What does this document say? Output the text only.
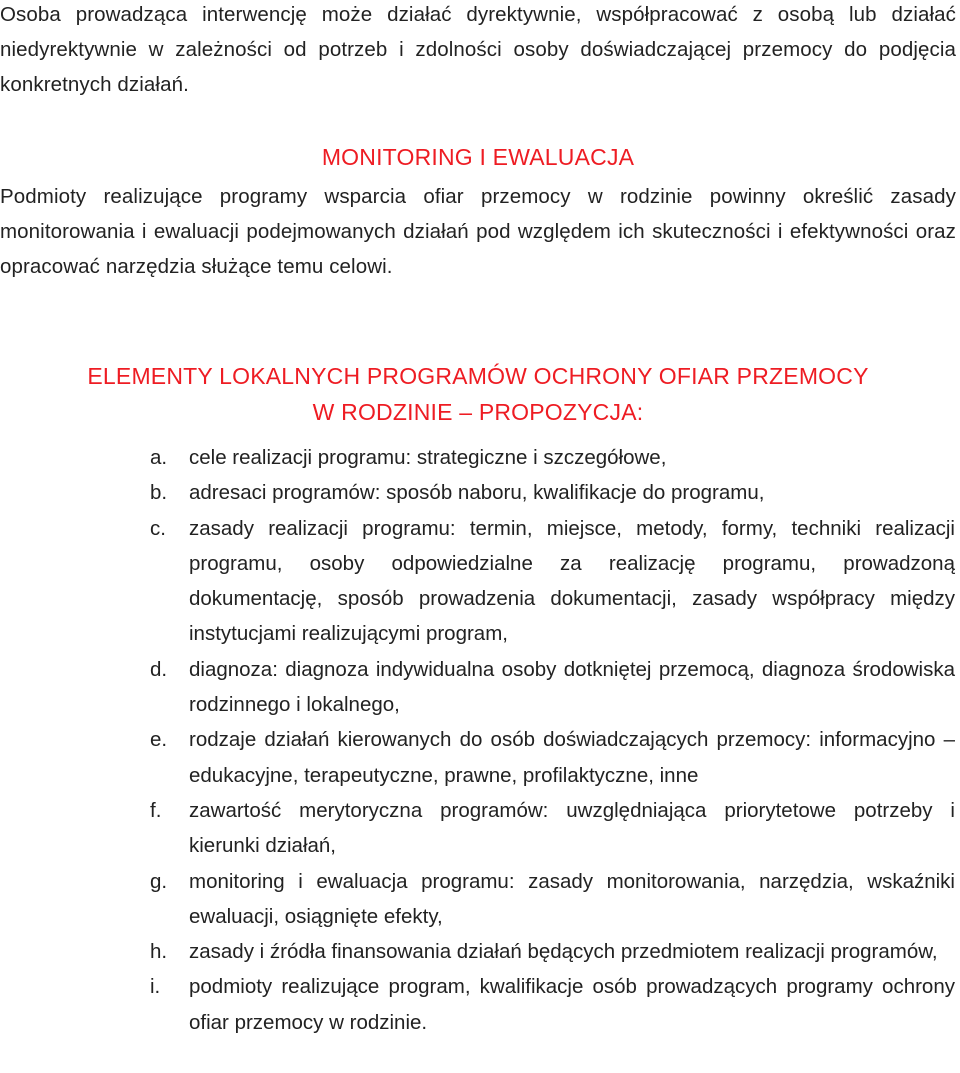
Osoba prowadząca interwencję może działać dyrektywnie, współpracować z osobą lub działać niedyrektywnie w zależności od potrzeb i zdolności osoby doświadczającej przemocy do podjęcia konkretnych działań.

MONITORING I EWALUACJA

Podmioty realizujące programy wsparcia ofiar przemocy w rodzinie powinny określić zasady monitorowania i ewaluacji podejmowanych działań pod względem ich skuteczności i efektywności oraz opracować narzędzia służące temu celowi.

ELEMENTY LOKALNYCH PROGRAMÓW OCHRONY OFIAR PRZEMOCY
W RODZINIE – PROPOZYCJA:
a.	cele realizacji programu: strategiczne i szczegółowe,
b.	adresaci programów: sposób naboru, kwalifikacje do programu,
c.	zasady realizacji programu: termin, miejsce, metody, formy, techniki realizacji programu, osoby odpowiedzialne za realizację programu, prowadzoną dokumentację, sposób prowadzenia dokumentacji, zasady współpracy między instytucjami realizującymi program,
d.	diagnoza: diagnoza indywidualna osoby dotkniętej przemocą, diagnoza środowiska rodzinnego i lokalnego,
e.	rodzaje działań kierowanych do osób doświadczających przemocy: informacyjno – edukacyjne, terapeutyczne, prawne, profilaktyczne, inne
f.	zawartość merytoryczna programów: uwzględniająca priorytetowe potrzeby i kierunki działań,
g.	monitoring i ewaluacja programu: zasady monitorowania, narzędzia, wskaźniki ewaluacji, osiągnięte efekty,
h.	zasady i źródła finansowania działań będących przedmiotem realizacji programów,
i.	podmioty realizujące program, kwalifikacje osób prowadzących programy ochrony ofiar przemocy w rodzinie.
